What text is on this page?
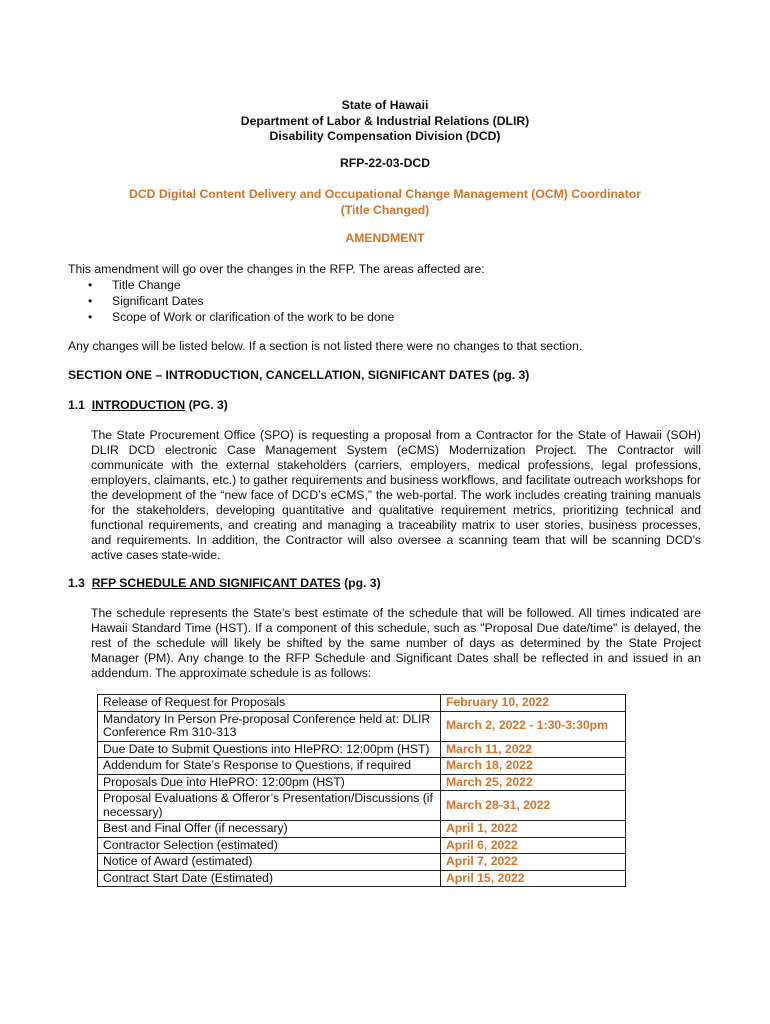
State of Hawaii
Department of Labor & Industrial Relations (DLIR)
Disability Compensation Division (DCD)
RFP-22-03-DCD
DCD Digital Content Delivery and Occupational Change Management (OCM) Coordinator
(Title Changed)
AMENDMENT
This amendment will go over the changes in the RFP. The areas affected are:
• Title Change
• Significant Dates
• Scope of Work or clarification of the work to be done
Any changes will be listed below. If a section is not listed there were no changes to that section.
SECTION ONE – INTRODUCTION, CANCELLATION, SIGNIFICANT DATES (pg. 3)
1.1 INTRODUCTION (PG. 3)
The State Procurement Office (SPO) is requesting a proposal from a Contractor for the State of Hawaii (SOH) DLIR DCD electronic Case Management System (eCMS) Modernization Project. The Contractor will communicate with the external stakeholders (carriers, employers, medical professions, legal professions, employers, claimants, etc.) to gather requirements and business workflows, and facilitate outreach workshops for the development of the “new face of DCD’s eCMS,” the web-portal. The work includes creating training manuals for the stakeholders, developing quantitative and qualitative requirement metrics, prioritizing technical and functional requirements, and creating and managing a traceability matrix to user stories, business processes, and requirements. In addition, the Contractor will also oversee a scanning team that will be scanning DCD’s active cases state-wide.
1.3 RFP SCHEDULE AND SIGNIFICANT DATES (pg. 3)
The schedule represents the State’s best estimate of the schedule that will be followed. All times indicated are Hawaii Standard Time (HST). If a component of this schedule, such as "Proposal Due date/time" is delayed, the rest of the schedule will likely be shifted by the same number of days as determined by the State Project Manager (PM). Any change to the RFP Schedule and Significant Dates shall be reflected in and issued in an addendum. The approximate schedule is as follows:
Release of Request for Proposals	February 10, 2022
Mandatory In Person Pre-proposal Conference held at: DLIR Conference Rm 310-313	March 2, 2022 - 1:30-3:30pm
Due Date to Submit Questions into HIePRO: 12:00pm (HST)	March 11, 2022
Addendum for State’s Response to Questions, if required	March 18, 2022
Proposals Due into HIePRO: 12:00pm (HST)	March 25, 2022
Proposal Evaluations & Offeror’s Presentation/Discussions (if necessary)	March 28-31, 2022
Best and Final Offer (if necessary)	April 1, 2022
Contractor Selection (estimated)	April 6, 2022
Notice of Award (estimated)	April 7, 2022
Contract Start Date (Estimated)	April 15, 2022
